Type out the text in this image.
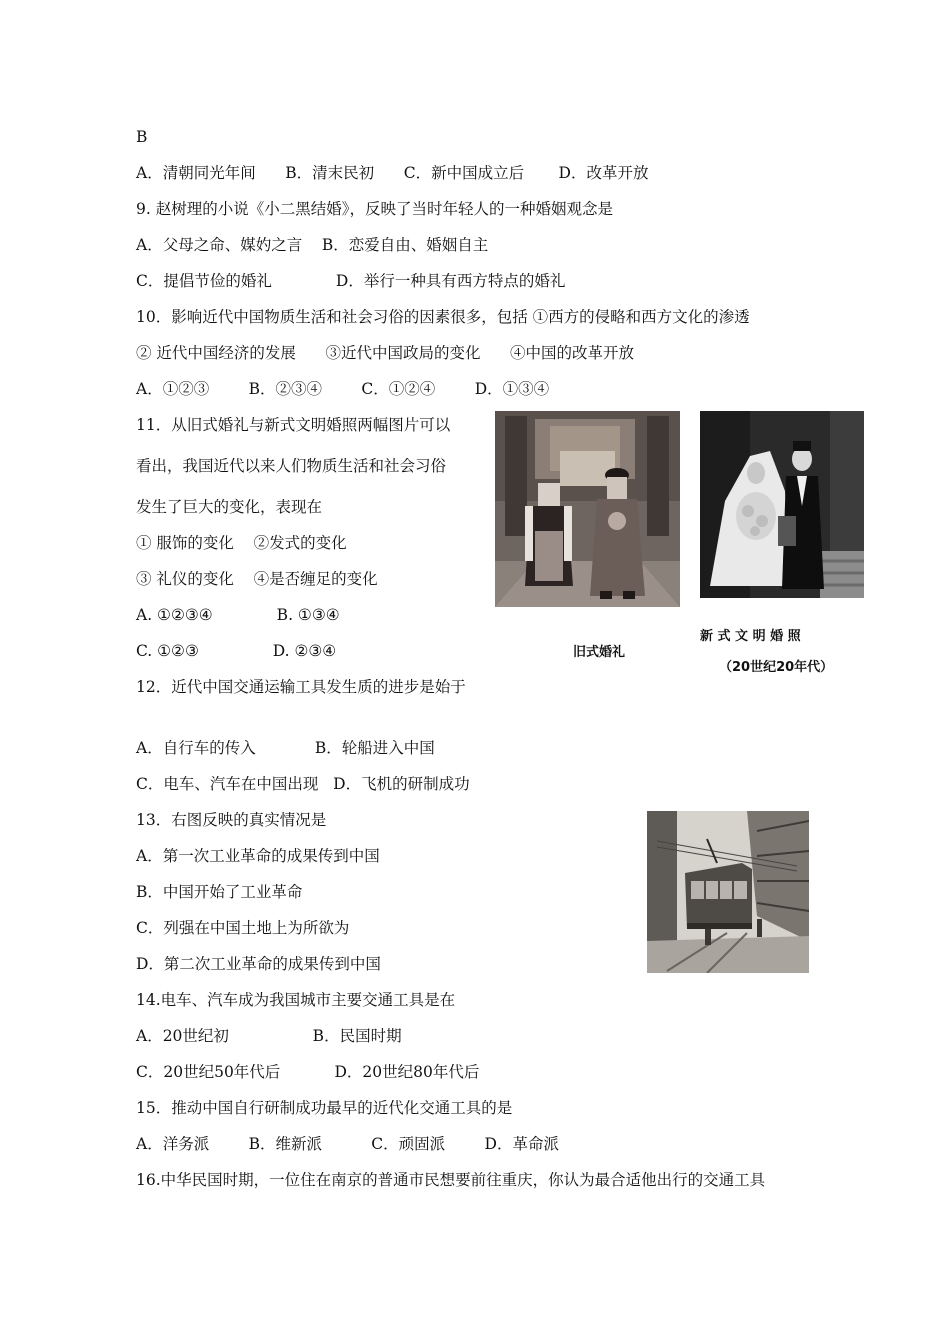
B
A．清朝同光年间      B．清末民初      C．新中国成立后       D．改革开放
9. 赵树理的小说《小二黑结婚》，反映了当时年轻人的一种婚姻观念是
A．父母之命、媒妁之言    B．恋爱自由、婚姻自主
C．提倡节俭的婚礼             D．举行一种具有西方特点的婚礼
10．影响近代中国物质生活和社会习俗的因素很多，包括 ①西方的侵略和西方文化的渗透
② 近代中国经济的发展      ③近代中国政局的变化      ④中国的改革开放
A．①②③        B．②③④        C．①②④        D．①③④
11．从旧式婚礼与新式文明婚照两幅图片可以
看出，我国近代以来人们物质生活和社会习俗
发生了巨大的变化，表现在
① 服饰的变化    ②发式的变化
③ 礼仪的变化    ④是否缠足的变化
A. ①②③④             B. ①③④
C. ①②③               D. ②③④
12．近代中国交通运输工具发生质的进步是始于
A．自行车的传入            B．轮船进入中国
C．电车、汽车在中国出现   D．飞机的研制成功
13．右图反映的真实情况是
A．第一次工业革命的成果传到中国
B．中国开始了工业革命
C．列强在中国土地上为所欲为
D．第二次工业革命的成果传到中国
14.电车、汽车成为我国城市主要交通工具是在
A．20世纪初                 B．民国时期
C．20世纪50年代后           D．20世纪80年代后
15．推动中国自行研制成功最早的近代化交通工具的是
A．洋务派        B．维新派          C．顽固派        D．革命派
16.中华民国时期，一位住在南京的普通市民想要前往重庆，你认为最合适他出行的交通工具
旧式婚礼
新 式 文 明 婚 照
（20世纪20年代）
